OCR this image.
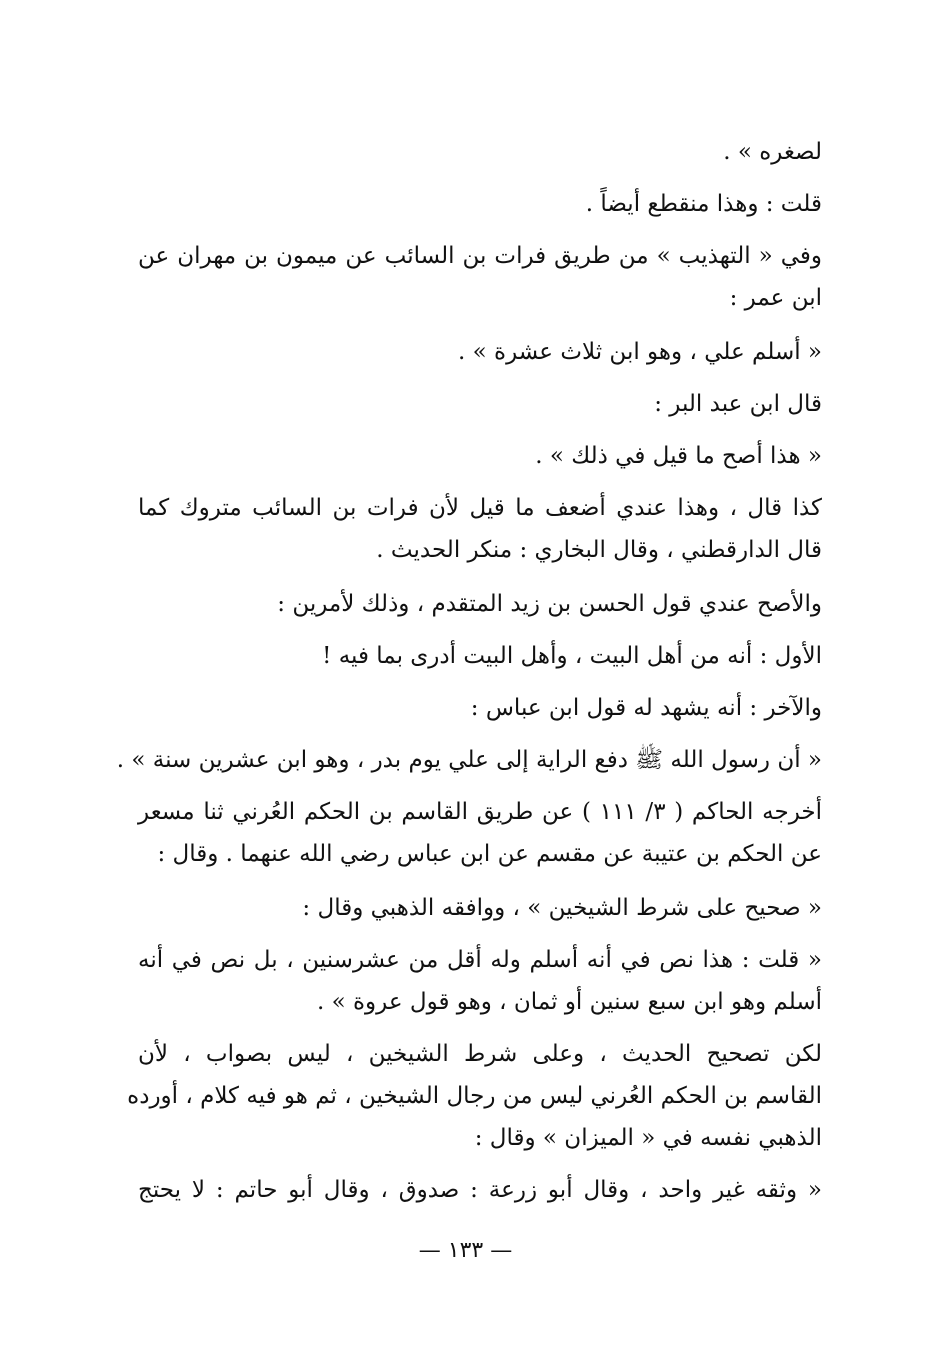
لصغره » .
قلت : وهذا منقطع أيضاً .
وفي « التهذيب » من طريق فرات بن السائب عن ميمون بن مهران عن
ابن عمر :
« أسلم علي ، وهو ابن ثلاث عشرة » .
قال ابن عبد البر :
« هذا أصح ما قيل في ذلك » .
كذا قال ، وهذا عندي أضعف ما قيل لأن فرات بن السائب متروك كما
قال الدارقطني ، وقال البخاري : منكر الحديث .
والأصح عندي قول الحسن بن زيد المتقدم ، وذلك لأمرين :
الأول : أنه من أهل البيت ، وأهل البيت أدرى بما فيه !
والآخر : أنه يشهد له قول ابن عباس :
« أن رسول الله ﷺ دفع الراية إلى علي يوم بدر ، وهو ابن عشرين سنة » .
أخرجه الحاكم ( ٣/ ١١١ ) عن طريق القاسم بن الحكم العُرني ثنا مسعر
عن الحكم بن عتيبة عن مقسم عن ابن عباس رضي الله عنهما . وقال :
« صحيح على شرط الشيخين » ، ووافقه الذهبي وقال :
« قلت : هذا نص في أنه أسلم وله أقل من عشرسنين ، بل نص في أنه
أسلم وهو ابن سبع سنين أو ثمان ، وهو قول عروة » .
لكن تصحيح الحديث ، وعلى شرط الشيخين ، ليس بصواب ، لأن
القاسم بن الحكم العُرني ليس من رجال الشيخين ، ثم هو فيه كلام ، أورده
الذهبي نفسه في « الميزان » وقال :
« وثقه غير واحد ، وقال أبو زرعة : صدوق ، وقال أبو حاتم : لا يحتج
— ١٣٣ —
